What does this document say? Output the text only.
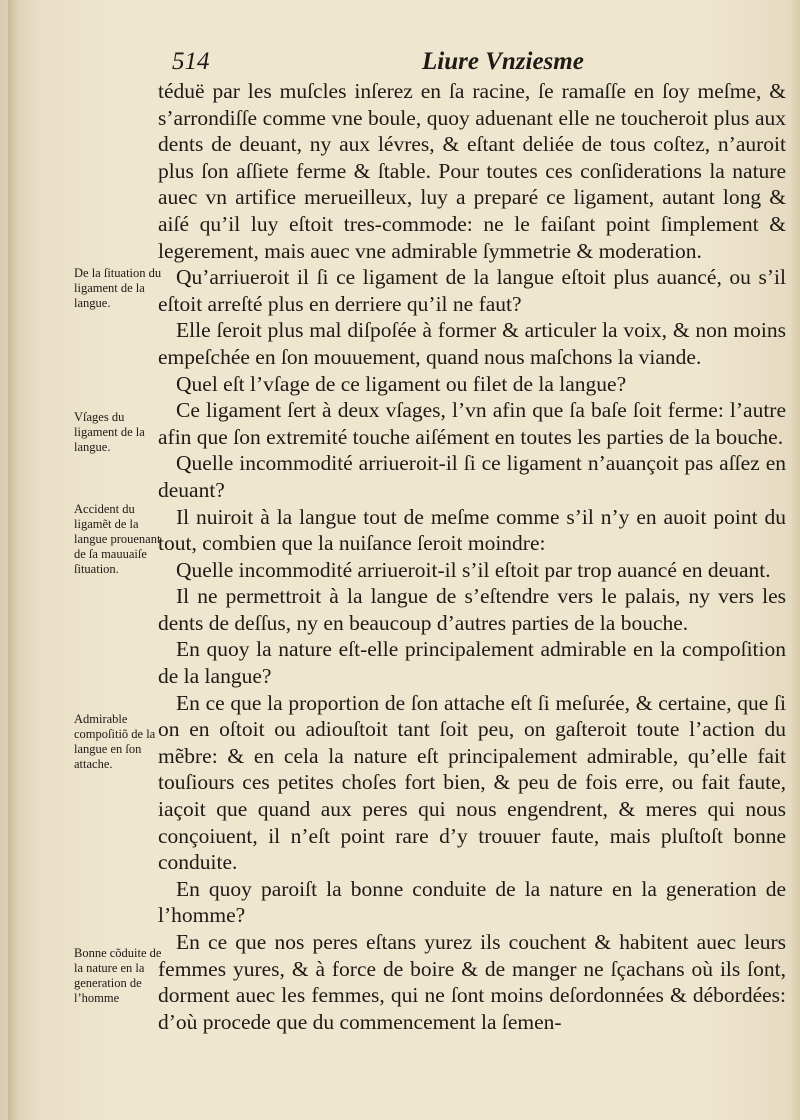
514	Liure Vnziesme

téduë par les muſcles inſerez en ſa racine, ſe ramaſſe en ſoy meſme, & s’arrondiſſe comme vne boule, quoy aduenant elle ne toucheroit plus aux dents de deuant, ny aux lévres, & eſtant deliée de tous coſtez, n’auroit plus ſon aſſiete ferme & ſtable. Pour toutes ces conſiderations la nature auec vn artifice merueilleux, luy a preparé ce ligament, autant long & aiſé qu’il luy eſtoit tres-commode: ne le faiſant point ſimplement & legerement, mais auec vne admirable ſymmetrie & moderation.

Qu’arriueroit il ſi ce ligament de la langue eſtoit plus auancé, ou s’il eſtoit arreſté plus en derriere qu’il ne faut?

Elle ſeroit plus mal diſpoſée à former & articuler la voix, & non moins empeſchée en ſon mouuement, quand nous maſchons la viande.

Quel eſt l’vſage de ce ligament ou filet de la langue?

Ce ligament ſert à deux vſages, l’vn afin que ſa baſe ſoit ferme: l’autre afin que ſon extremité touche aiſément en toutes les parties de la bouche.

Quelle incommodité arriueroit-il ſi ce ligament n’auançoit pas aſſez en deuant?

Il nuiroit à la langue tout de meſme comme s’il n’y en auoit point du tout, combien que la nuiſance ſeroit moindre:

Quelle incommodité arriueroit-il s’il eſtoit par trop auancé en deuant.

Il ne permettroit à la langue de s’eſtendre vers le palais, ny vers les dents de deſſus, ny en beaucoup d’autres parties de la bouche.

En quoy la nature eſt-elle principalement admirable en la compoſition de la langue?

En ce que la proportion de ſon attache eſt ſi meſurée, & certaine, que ſi on en oſtoit ou adiouſtoit tant ſoit peu, on gaſteroit toute l’action du mẽbre: & en cela la nature eſt principalement admirable, qu’elle fait touſiours ces petites choſes fort bien, & peu de fois erre, ou fait faute, iaçoit que quand aux peres qui nous engendrent, & meres qui nous conçoiuent, il n’eſt point rare d’y trouuer faute, mais pluſtoſt bonne conduite.

En quoy paroiſt la bonne conduite de la nature en la generation de l’homme?

En ce que nos peres eſtans yurez ils couchent & habitent auec leurs femmes yures, & à force de boire & de manger ne ſçachans où ils ſont, dorment auec les femmes, qui ne ſont moins deſordonnées & débordées: d’où procede que du commencement la ſemen-

De la ſituation du ligament de la langue.
Vſages du ligament de la langue.
Accident du ligamẽt de la langue prouenant de ſa mauuaiſe ſituation.
Admirable compoſitiõ de la langue en ſon attache.
Bonne cõduite de la nature en la generation de l’homme
